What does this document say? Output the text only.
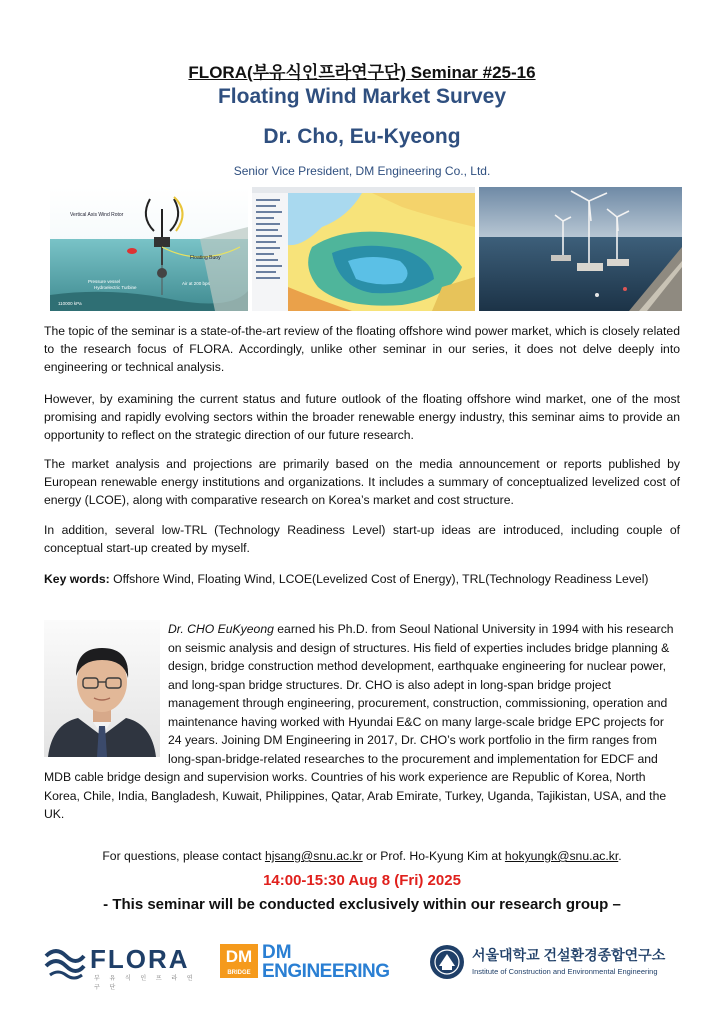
FLORA(부유식인프라연구단) Seminar #25-16
Floating Wind Market Survey
Dr. Cho, Eu-Kyeong
Senior Vice President, DM Engineering Co., Ltd.
Vertical Axis Wind Rotor
Floating Buoy
Pressure vessel
Hydroelectric Turbine
Air at 200 bps
110000 kPa
The topic of the seminar is a state-of-the-art review of the floating offshore wind power market, which is closely related to the research focus of FLORA. Accordingly, unlike other seminar in our series, it does not delve deeply into engineering or technical analysis.
However, by examining the current status and future outlook of the floating offshore wind market, one of the most promising and rapidly evolving sectors within the broader renewable energy industry, this seminar aims to provide an opportunity to reflect on the strategic direction of our future research.
The market analysis and projections are primarily based on the media announcement or reports published by European renewable energy institutions and organizations. It includes a summary of conceptualized levelized cost of energy (LCOE), along with comparative research on Korea’s market and cost structure.
In addition, several low-TRL (Technology Readiness Level) start-up ideas are introduced, including couple of conceptual start-up created by myself.
Key words: Offshore Wind, Floating Wind, LCOE(Levelized Cost of Energy), TRL(Technology Readiness Level)
Dr. CHO EuKyeong earned his Ph.D. from Seoul National University in 1994 with his research on seismic analysis and design of structures. His field of experties includes bridge planning & design, bridge construction method development, earthquake engineering for nuclear power, and long-span bridge structures. Dr. CHO is also adept in long-span bridge project management through engineering, procurement, construction, commissioning, operation and maintenance having worked with Hyundai E&C on many large-scale bridge EPC projects for 24 years. Joining DM Engineering in 2017, Dr. CHO’s work portfolio in the firm ranges from long-span-bridge-related researches to the procurement and implementation for EDCF and MDB cable bridge design and supervision works. Countries of his work experience are Republic of Korea, North Korea, Chile, India, Bangladesh, Kuwait, Philippines, Qatar, Arab Emirate, Turkey, Uganda, Tajikistan, USA, and the UK.
For questions, please contact hjsang@snu.ac.kr or Prof. Ho-Kyung Kim at hokyungk@snu.ac.kr.
14:00-15:30 Aug 8 (Fri) 2025
- This seminar will be conducted exclusively within our research group –
FLORA
부 유 식 인 프 라 연 구 단
DM
BRIDGE
DM
ENGINEERING
서울대학교 건설환경종합연구소
Institute of Construction and Environmental Engineering
